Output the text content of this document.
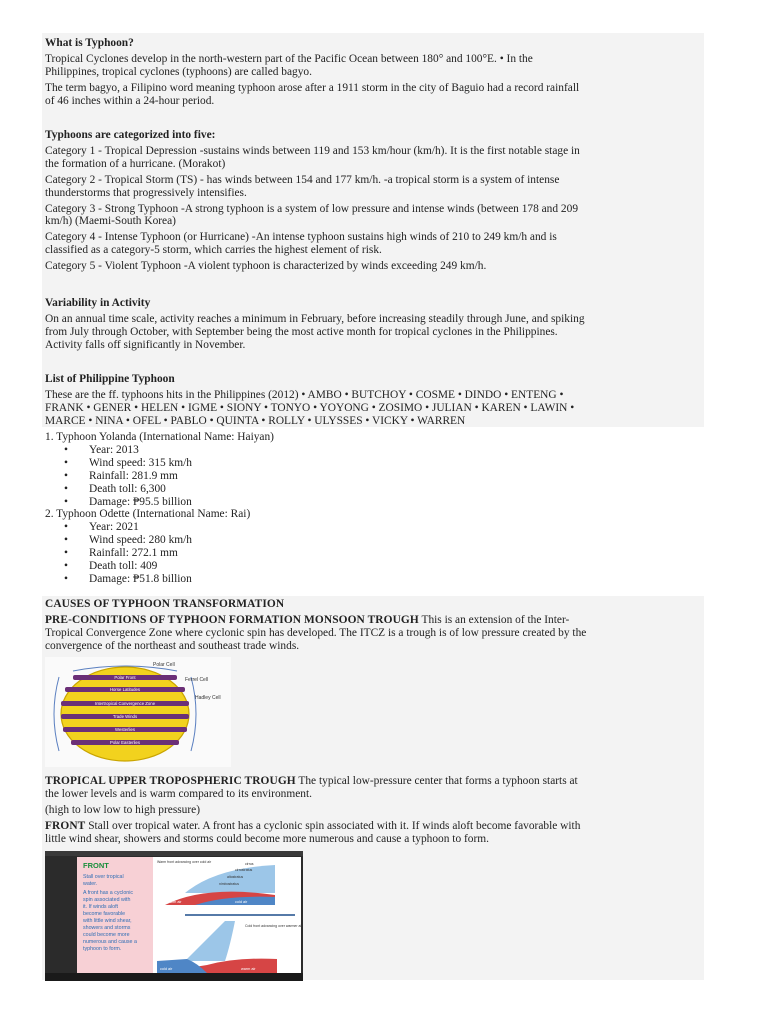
What is Typhoon?

Tropical Cyclones develop in the north-western part of the Pacific Ocean between 180° and 100°E. • In the

Philippines, tropical cyclones (typhoons) are called bagyo.

The term bagyo, a Filipino word meaning typhoon arose after a 1911 storm in the city of Baguio had a record rainfall

of 46 inches within a 24-hour period.

Typhoons are categorized into five:

Category 1 - Tropical Depression -sustains winds between 119 and 153 km/hour (km/h). It is the first notable stage in

the formation of a hurricane. (Morakot)

Category 2 - Tropical Storm (TS) - has winds between 154 and 177 km/h. -a tropical storm is a system of intense

thunderstorms that progressively intensifies.

Category 3 - Strong Typhoon -A strong typhoon is a system of low pressure and intense winds (between 178 and 209

km/h) (Maemi-South Korea)

Category 4 - Intense Typhoon (or Hurricane) -An intense typhoon sustains high winds of 210 to 249 km/h and is

classified as a category-5 storm, which carries the highest element of risk.

Category 5 - Violent Typhoon -A violent typhoon is characterized by winds exceeding 249 km/h.

Variability in Activity

On an annual time scale, activity reaches a minimum in February, before increasing steadily through June, and spiking

from July through October, with September being the most active month for tropical cyclones in the Philippines.

Activity falls off significantly in November.

List of Philippine Typhoon

These are the ff. typhoons hits in the Philippines (2012) • AMBO • BUTCHOY • COSME • DINDO • ENTENG •

FRANK • GENER • HELEN • IGME • SIONY • TONYO • YOYONG • ZOSIMO • JULIAN • KAREN • LAWIN •

MARCE • NINA • OFEL • PABLO • QUINTA • ROLLY • ULYSSES • VICKY • WARREN

1. Typhoon Yolanda (International Name: Haiyan)

• Year: 2013
• Wind speed: 315 km/h
• Rainfall: 281.9 mm
• Death toll: 6,300
• Damage: ₱95.5 billion

2. Typhoon Odette (International Name: Rai)

• Year: 2021
• Wind speed: 280 km/h
• Rainfall: 272.1 mm
• Death toll: 409
• Damage: ₱51.8 billion

CAUSES OF TYPHOON TRANSFORMATION

PRE-CONDITIONS OF TYPHOON FORMATION MONSOON TROUGH This is an extension of the Inter-

Tropical Convergence Zone where cyclonic spin has developed. The ITCZ is a trough is of low pressure created by the

convergence of the northeast and southeast trade winds.

Polar Cell
Ferrel Cell
Hadley Cell
Polar Front
Horse Latitudes
Intertropical Convergence Zone
Trade Winds
Westerlies
Polar Easterlies

TROPICAL UPPER TROPOSPHERIC TROUGH The typical low-pressure center that forms a typhoon starts at

the lower levels and is warm compared to its environment.

(high to low low to high pressure)

FRONT Stall over tropical water. A front has a cyclonic spin associated with it. If winds aloft become favorable with

little wind shear, showers and storms could become more numerous and cause a typhoon to form.

FRONT
Stall over tropical
water.
A front has a cyclonic
spin associated with
it. If winds aloft
become favorable
with little wind shear,
showers and storms
could become more
numerous and cause a
typhoon to form.
Warm front advancing over cold air	cirrus
cirrostratus
altostratus
nimbostratus
warm air	cold air
Cold front advancing over warmer air
cold air	warm air
